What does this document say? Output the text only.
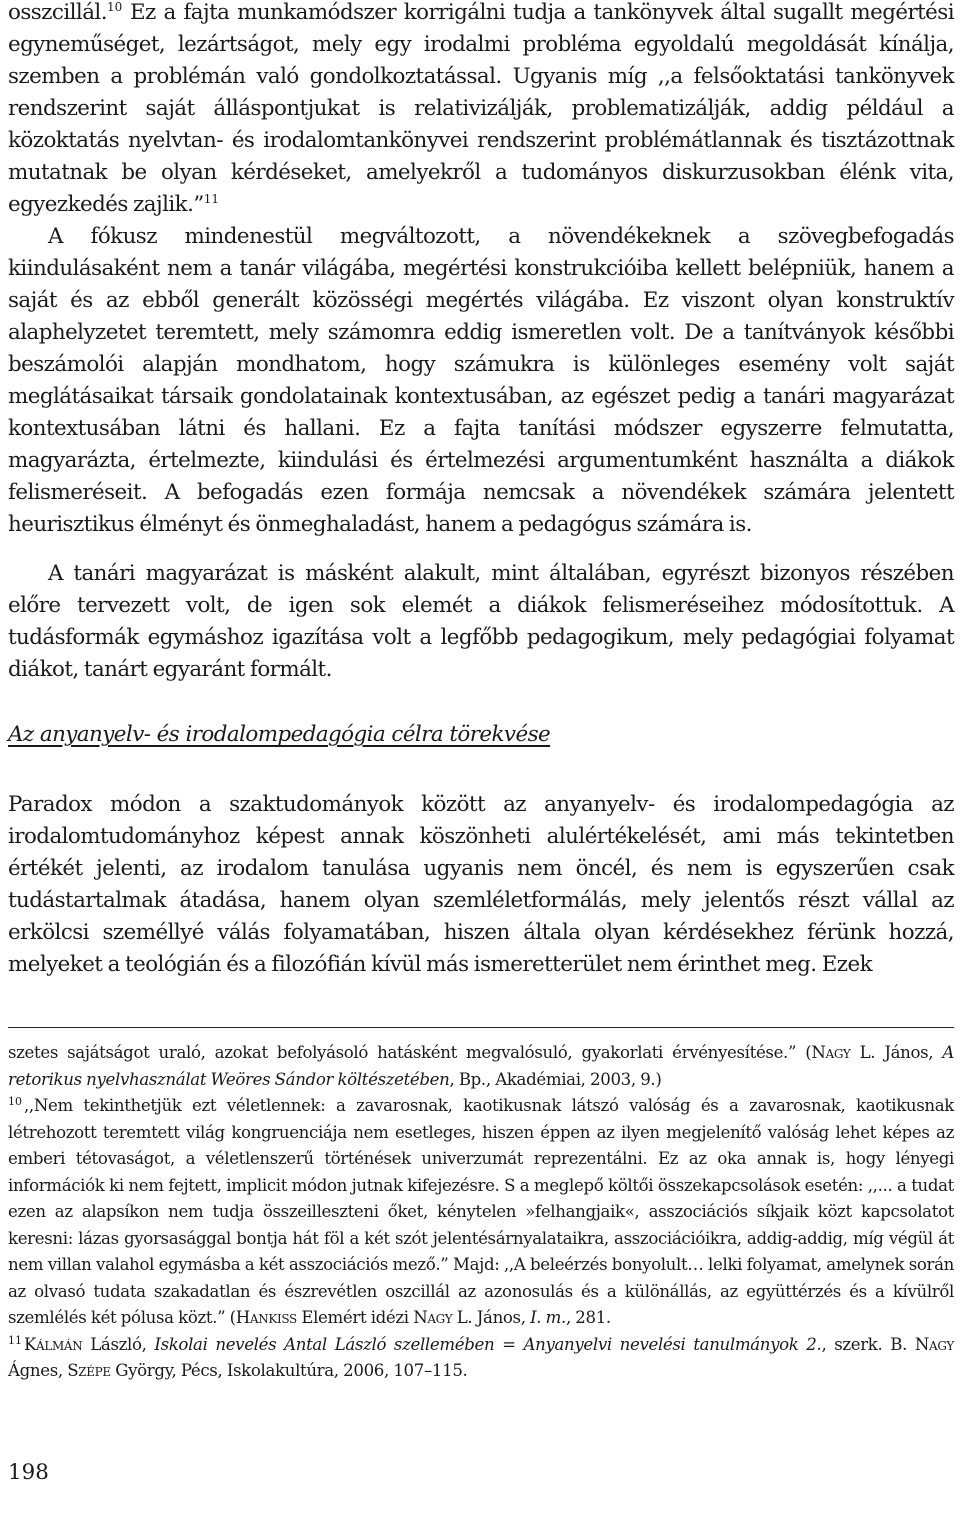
osszcillál.$^{10}$ Ez a fajta munkamódszer korrigálni tudja a tankönyvek által sugallt megértési egyneműséget, lezártságot, mely egy irodalmi probléma egyoldalú megoldását kínálja, szemben a problémán való gondolkoztatással. Ugyanis míg ,,a felsőoktatási tankönyvek rendszerint saját álláspontjukat is relativizálják, problematizálják, addig például a közoktatás nyelvtan- és irodalomtankönyvei rendszerint problémátlannak és tisztázottnak mutatnak be olyan kérdéseket, amelyekről a tudományos diskurzusokban élénk vita, egyezkedés zajlik.”$^{11}$

A fókusz mindenestül megváltozott, a növendékeknek a szövegbefogadás kiindulásaként nem a tanár világába, megértési konstrukcióiba kellett belépniük, hanem a saját és az ebből generált közösségi megértés világába. Ez viszont olyan konstruktív alaphelyzetet teremtett, mely számomra eddig ismeretlen volt. De a tanítványok későbbi beszámolói alapján mondhatom, hogy számukra is különleges esemény volt saját meglátásaikat társaik gondolatainak kontextusában, az egészet pedig a tanári magyarázat kontextusában látni és hallani. Ez a fajta tanítási módszer egyszerre felmutatta, magyarázta, értelmezte, kiindulási és értelmezési argumentumként használta a diákok felismeréseit. A befogadás ezen formája nemcsak a növendékek számára jelentett heurisztikus élményt és önmeghaladást, hanem a pedagógus számára is.

A tanári magyarázat is másként alakult, mint általában, egyrészt bizonyos részében előre tervezett volt, de igen sok elemét a diákok felismeréseihez módosítottuk. A tudásformák egymáshoz igazítása volt a legfőbb pedagogikum, mely pedagógiai folyamat diákot, tanárt egyaránt formált.

Az anyanyelv- és irodalompedagógia célra törekvése

Paradox módon a szaktudományok között az anyanyelv- és irodalompedagógia az irodalomtudományhoz képest annak köszönheti alulértékelését, ami más tekintetben értékét jelenti, az irodalom tanulása ugyanis nem öncél, és nem is egyszerűen csak tudástartalmak átadása, hanem olyan szemléletformálás, mely jelentős részt vállal az erkölcsi személlyé válás folyamatában, hiszen általa olyan kérdésekhez férünk hozzá, melyeket a teológián és a filozófián kívül más ismeretterület nem érinthet meg. Ezek

szetes sajátságot uraló, azokat befolyásoló hatásként megvalósuló, gyakorlati érvényesítése.” (Nagy L. János, A retorikus nyelvhasználat Weöres Sándor költészetében, Bp., Akadémiai, 2003, 9.)

$^{10}$ ,,Nem tekinthetjük ezt véletlennek: a zavarosnak, kaotikusnak látszó valóság és a zavarosnak, kaotikusnak létrehozott teremtett világ kongruenciája nem esetleges, hiszen éppen az ilyen megjelenítő valóság lehet képes az emberi tétovaságot, a véletlenszerű történések univerzumát reprezentálni. Ez az oka annak is, hogy lényegi információk ki nem fejtett, implicit módon jutnak kifejezésre. S a meglepő költői összekapcsolások esetén: ,,... a tudat ezen az alapsíkon nem tudja összeilleszteni őket, kénytelen »felhangjaik«, asszociációs síkjaik közt kapcsolatot keresni: lázas gyorsasággal bontja hát föl a két szót jelentésárnyalataikra, asszociációikra, addig-addig, míg végül át nem villan valahol egymásba a két asszociációs mező.” Majd: ,,A beleérzés bonyolult… lelki folyamat, amelynek során az olvasó tudata szakadatlan és észrevétlen oszcillál az azonosulás és a különállás, az együttérzés és a kívülről szemlélés két pólusa közt.” (Hankiss Elemért idézi Nagy L. János, I. m., 281.

$^{11}$ Kálmán László, Iskolai nevelés Antal László szellemében = Anyanyelvi nevelési tanulmányok 2., szerk. B. Nagy Ágnes, Szépe György, Pécs, Iskolakultúra, 2006, 107–115.

198
